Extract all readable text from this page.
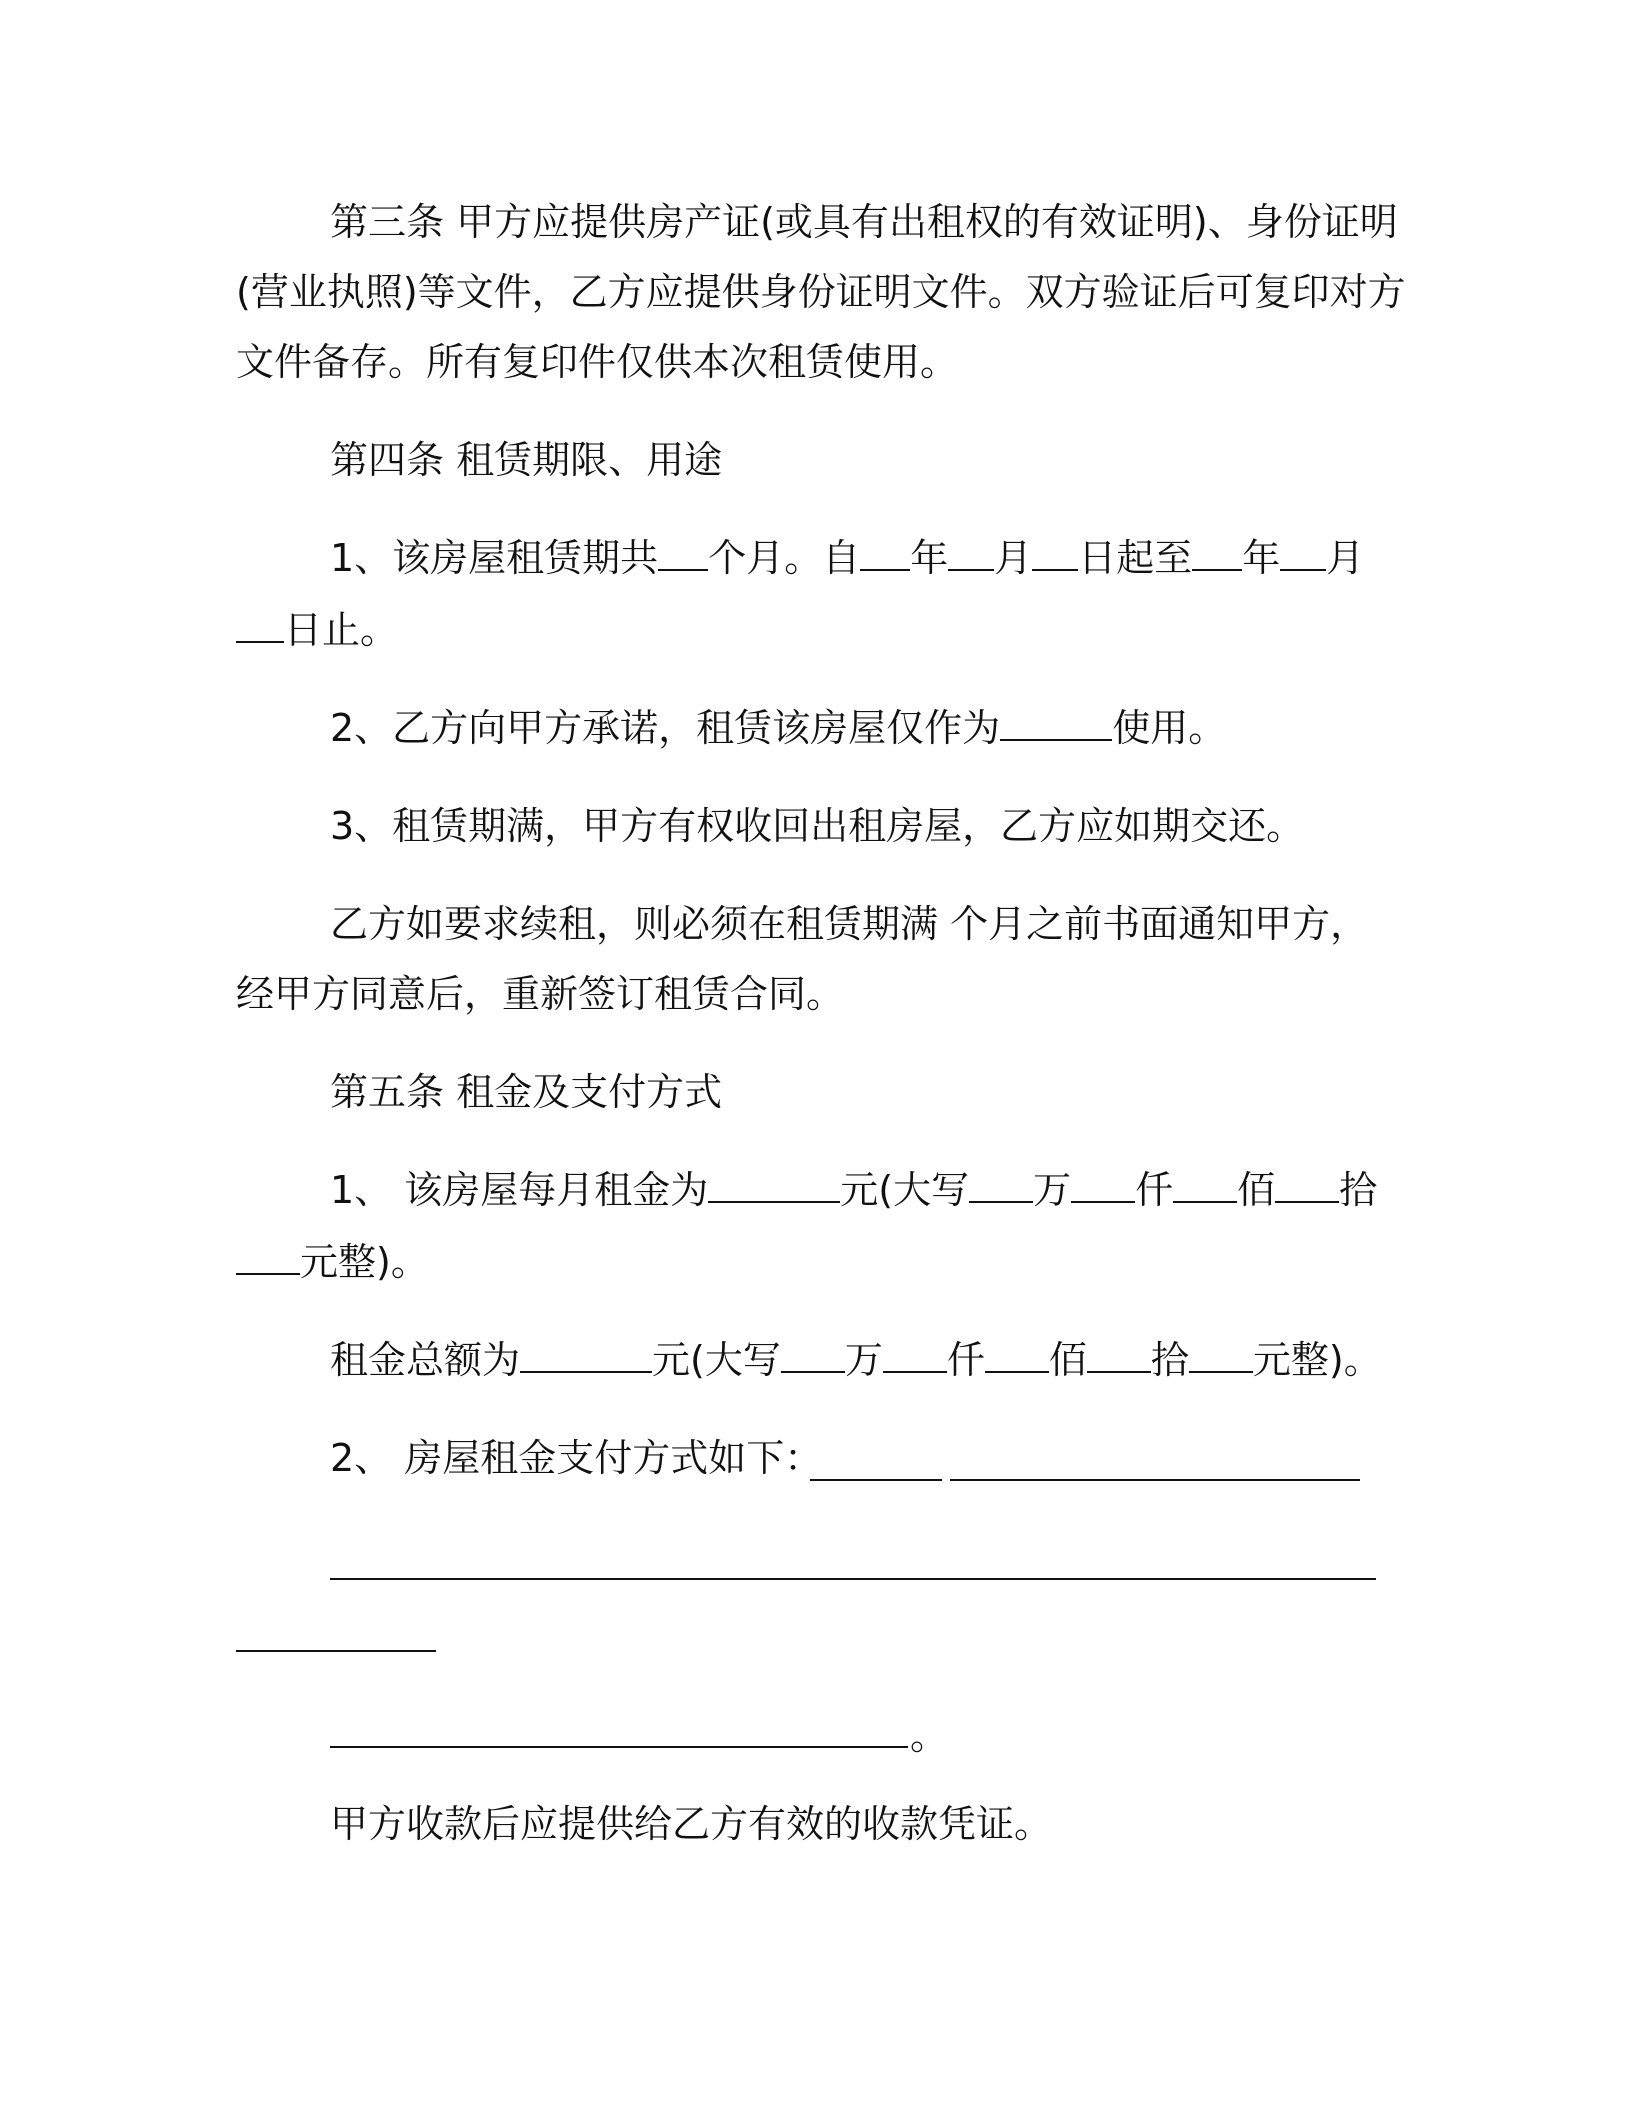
第三条 甲方应提供房产证(或具有出租权的有效证明)、身份证明
(营业执照)等文件，乙方应提供身份证明文件。双方验证后可复印对方
文件备存。所有复印件仅供本次租赁使用。
第四条 租赁期限、用途
1、该房屋租赁期共 个月。自 年 月 日起至 年 月
日止。
2、乙方向甲方承诺，租赁该房屋仅作为	使用。
3、租赁期满，甲方有权收回出租房屋，乙方应如期交还。
乙方如要求续租，则必须在租赁期满 个月之前书面通知甲方，
经甲方同意后，重新签订租赁合同。
第五条 租金及支付方式
1、 该房屋每月租金为	元(大写 万 仟 佰 拾
元整)。
租金总额为	元(大写 万 仟 佰 拾 元整)。
2、 房屋租金支付方式如下：
。
甲方收款后应提供给乙方有效的收款凭证。
